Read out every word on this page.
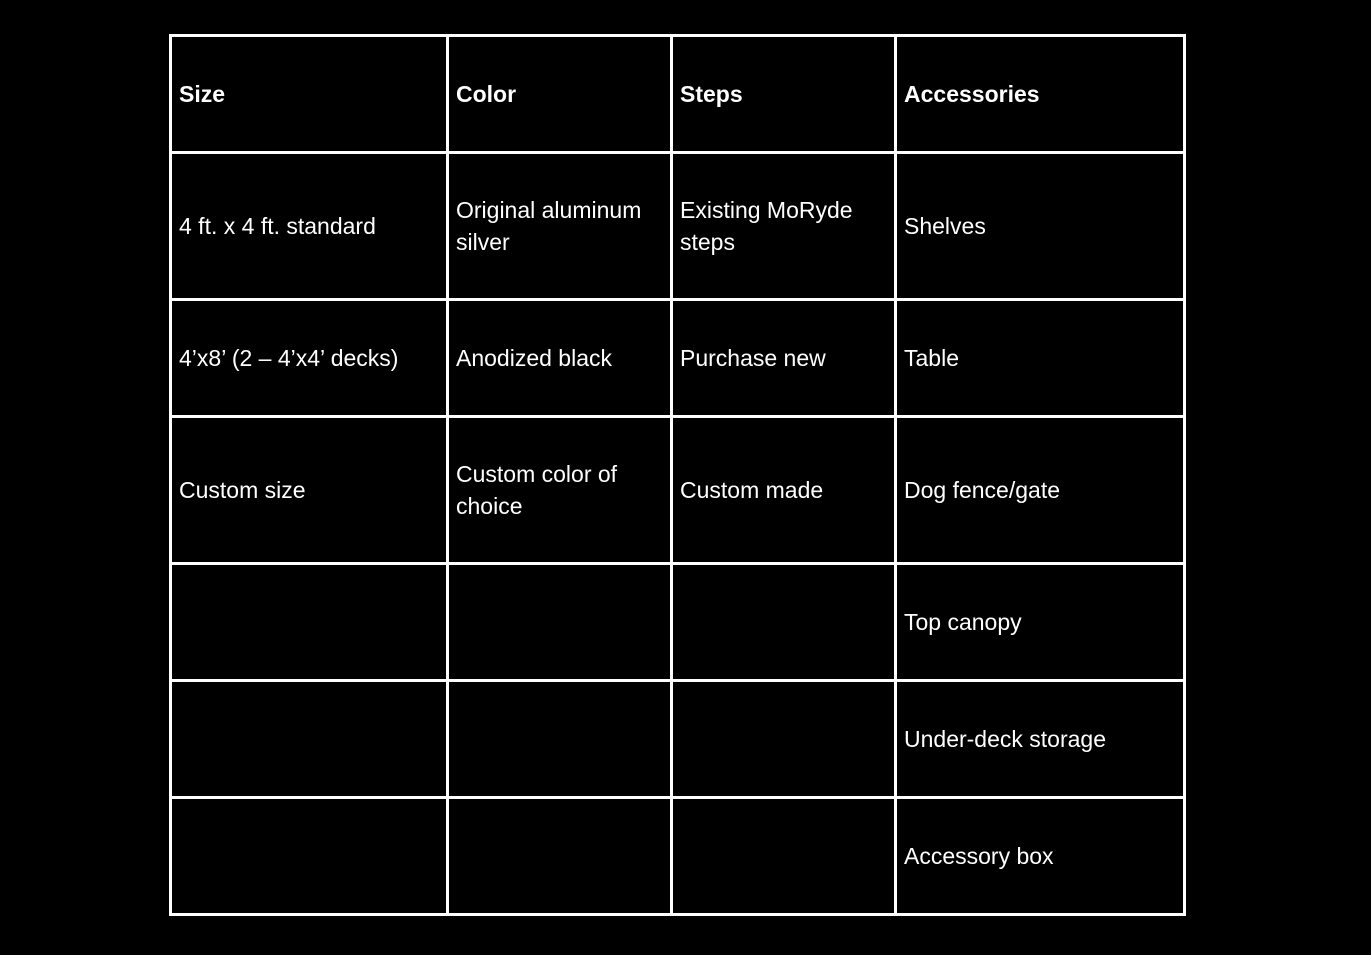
Size	Color	Steps	Accessories
4 ft. x 4 ft. standard	Original aluminum silver	Existing MoRyde steps	Shelves
4’x8’ (2 – 4’x4’ decks)	Anodized black	Purchase new	Table
Custom size	Custom color of choice	Custom made	Dog fence/gate
			Top canopy
			Under-deck storage
			Accessory box
